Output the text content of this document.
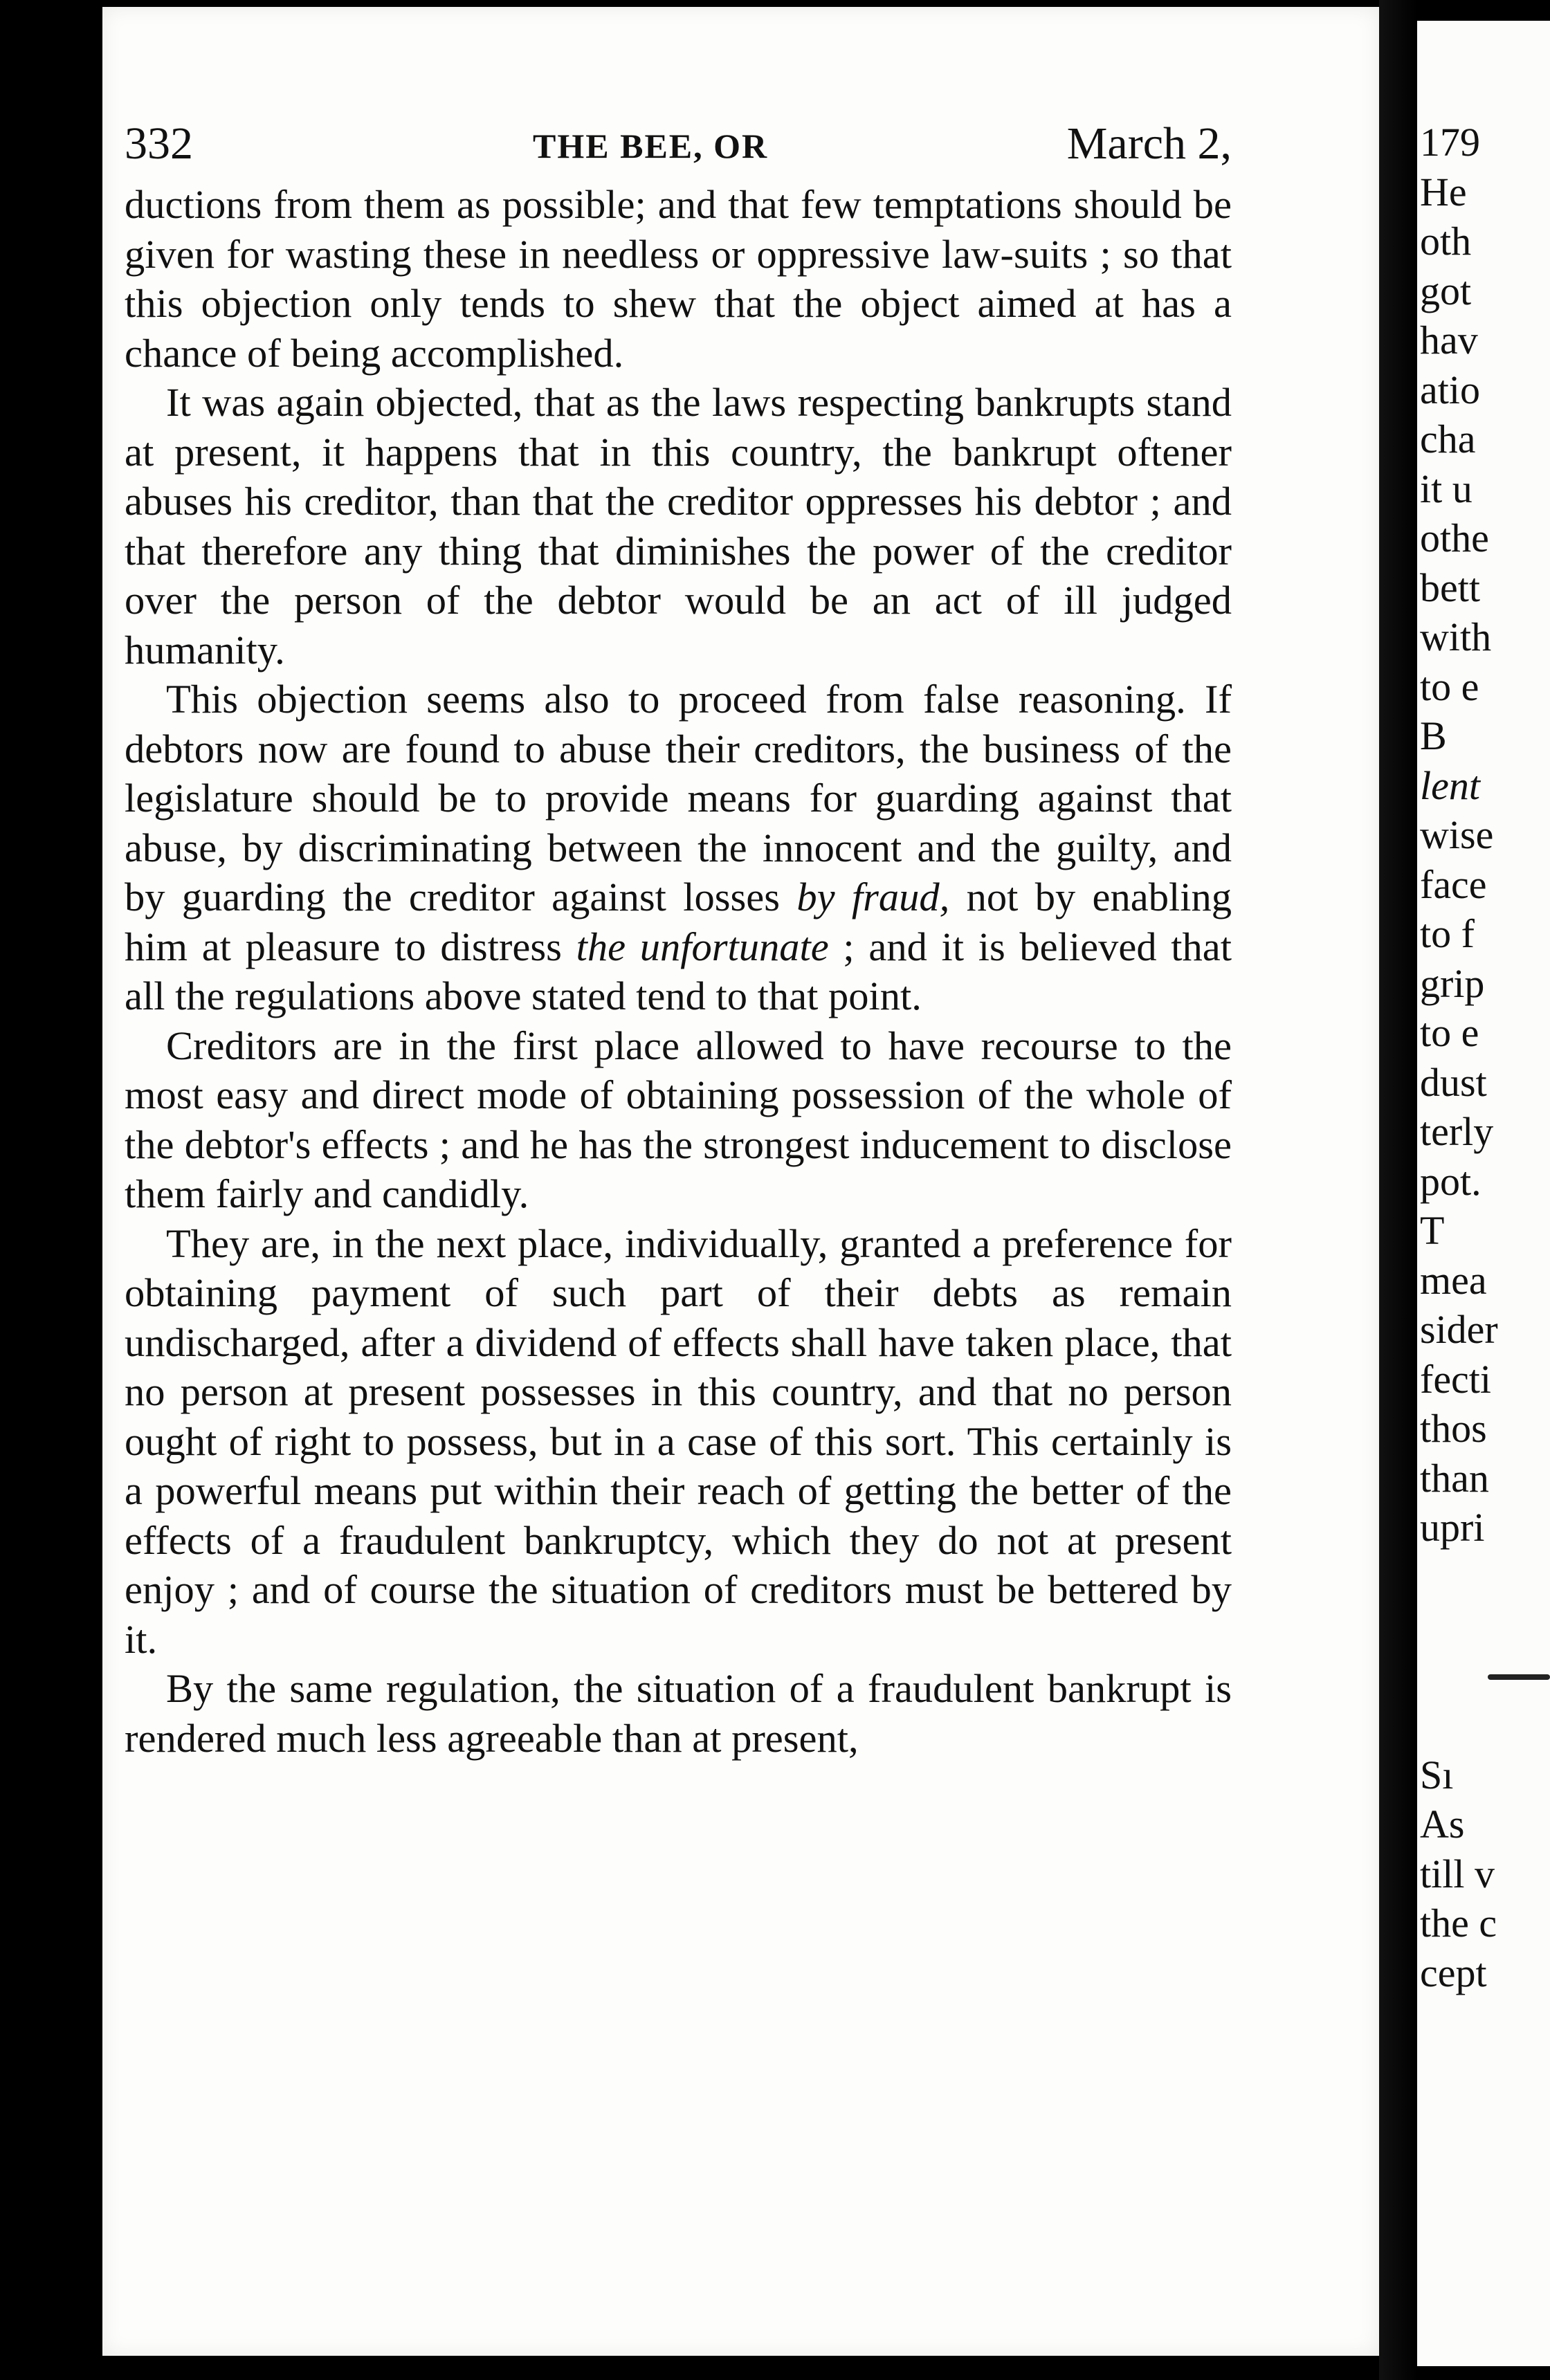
332	THE BEE, OR	March 2,

ductions from them as possible; and that few temptations should be given for wasting these in needless or oppressive law-suits ; so that this objection only tends to shew that the object aimed at has a chance of being accomplished.

It was again objected, that as the laws respecting bankrupts stand at present, it happens that in this country, the bankrupt oftener abuses his creditor, than that the creditor oppresses his debtor ; and that therefore any thing that diminishes the power of the creditor over the person of the debtor would be an act of ill judged humanity.

This objection seems also to proceed from false reasoning. If debtors now are found to abuse their creditors, the business of the legislature should be to provide means for guarding against that abuse, by discriminating between the innocent and the guilty, and by guarding the creditor against losses by fraud, not by enabling him at pleasure to distress the unfortunate ; and it is believed that all the regulations above stated tend to that point.

Creditors are in the first place allowed to have recourse to the most easy and direct mode of obtaining possession of the whole of the debtor's effects ; and he has the strongest inducement to disclose them fairly and candidly.

They are, in the next place, individually, granted a preference for obtaining payment of such part of their debts as remain undischarged, after a dividend of effects shall have taken place, that no person at present possesses in this country, and that no person ought of right to possess, but in a case of this sort. This certainly is a powerful means put within their reach of getting the better of the effects of a fraudulent bankruptcy, which they do not at present enjoy ; and of course the situation of creditors must be bettered by it.

By the same regulation, the situation of a fraudulent bankrupt is rendered much less agreeable than at present,

179
He
oth
got
hav
atio
cha
it u
othe
bett
with
to e
B
lent
wise
face
to f
grip
to e
dust
terly
pot.
T
mea
sider
fecti
thos
than
upri
Sı
As
till v
the c
cept
